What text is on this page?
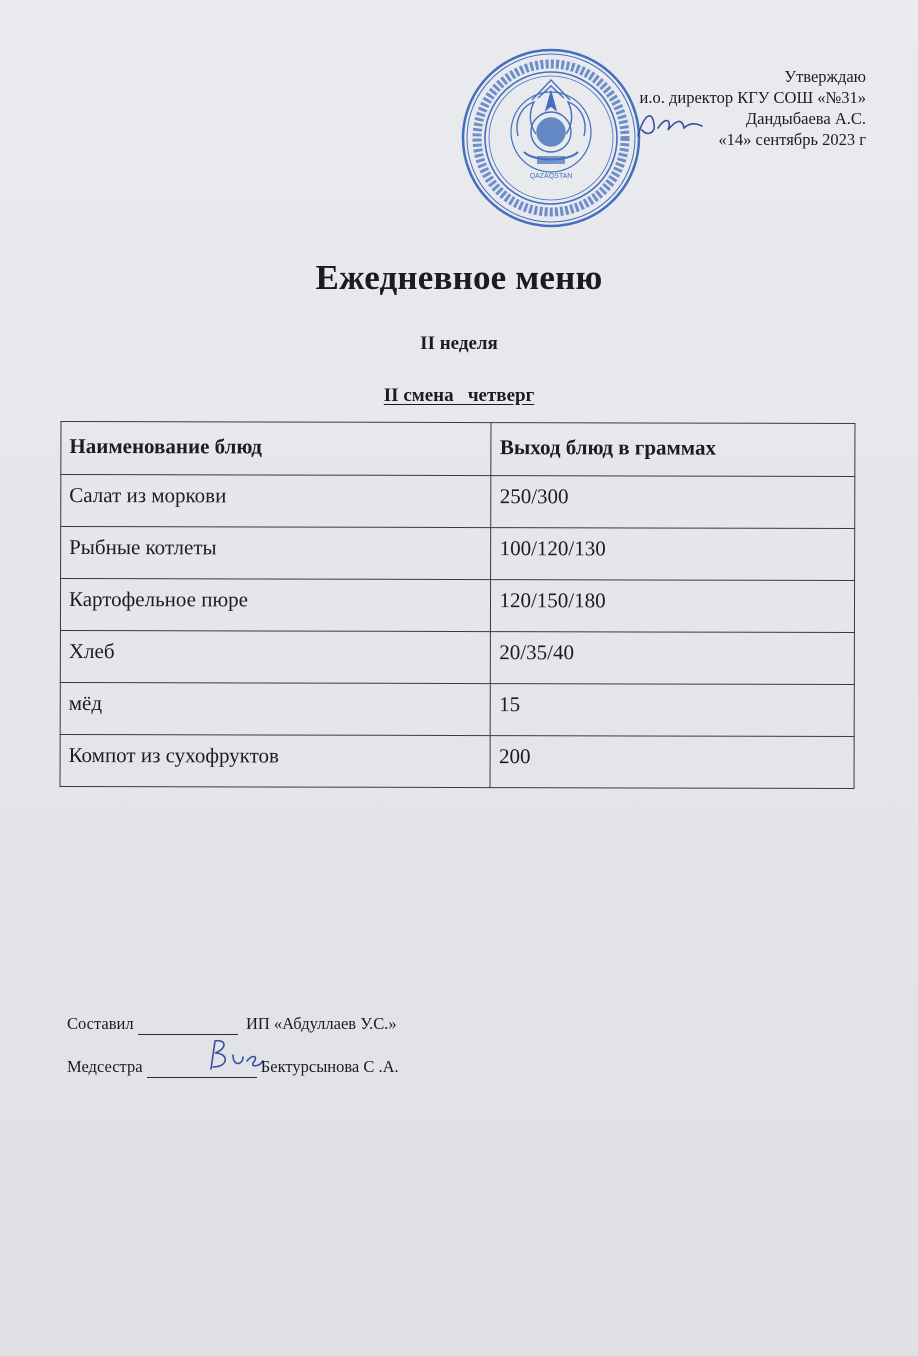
QAZAQSTAN
Утверждаю
и.о. директор КГУ СОШ «№31»
Дандыбаева А.С.
«14» сентябрь 2023 г
Ежедневное меню
II неделя
II смена   четверг
Наименование блюд	Выход блюд в граммах
Салат из моркови	250/300
Рыбные котлеты	100/120/130
Картофельное пюре	120/150/180
Хлеб	20/35/40
мёд	15
Компот из сухофруктов	200
Составил	ИП «Абдуллаев У.С.»
Медсестра	Бектурсынова С .А.
